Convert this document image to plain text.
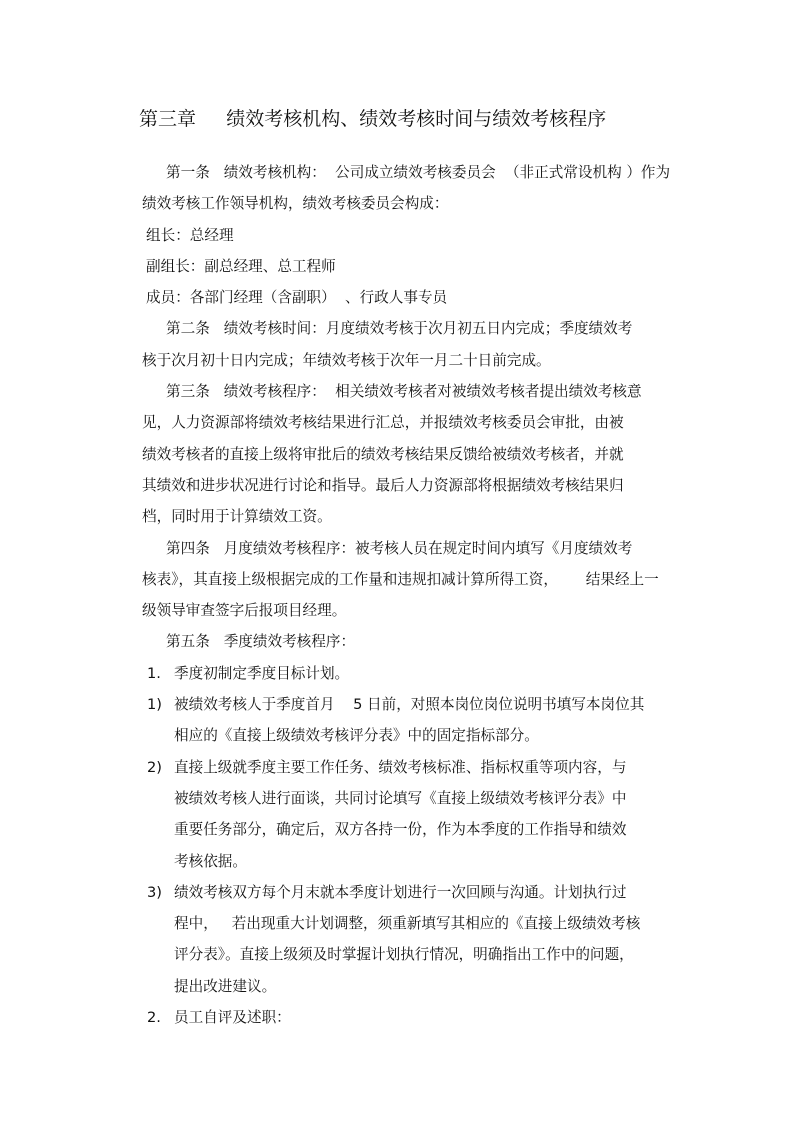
第三章     绩效考核机构、绩效考核时间与绩效考核程序
第一条   绩效考核机构：  公司成立绩效考核委员会  （非正式常设机构 ）作为
绩效考核工作领导机构，绩效考核委员会构成：
组长：总经理
副组长：副总经理、总工程师
成员：各部门经理（含副职）  、行政人事专员
第二条   绩效考核时间：月度绩效考核于次月初五日内完成；季度绩效考
核于次月初十日内完成；年绩效考核于次年一月二十日前完成。
第三条   绩效考核程序：  相关绩效考核者对被绩效考核者提出绩效考核意
见，人力资源部将绩效考核结果进行汇总，并报绩效考核委员会审批，由被
绩效考核者的直接上级将审批后的绩效考核结果反馈给被绩效考核者，并就
其绩效和进步状况进行讨论和指导。最后人力资源部将根据绩效考核结果归
档，同时用于计算绩效工资。
第四条   月度绩效考核程序：被考核人员在规定时间内填写《月度绩效考
核表》，其直接上级根据完成的工作量和违规扣减计算所得工资，      结果经上一
级领导审查签字后报项目经理。
第五条   季度绩效考核程序：
1. 季度初制定季度目标计划。
1) 被绩效考核人于季度首月    5 日前，对照本岗位岗位说明书填写本岗位其
相应的《直接上级绩效考核评分表》中的固定指标部分。
2) 直接上级就季度主要工作任务、绩效考核标准、指标权重等项内容，与
被绩效考核人进行面谈，共同讨论填写《直接上级绩效考核评分表》中
重要任务部分，确定后，双方各持一份，作为本季度的工作指导和绩效
考核依据。
3) 绩效考核双方每个月末就本季度计划进行一次回顾与沟通。计划执行过
程中，   若出现重大计划调整，须重新填写其相应的《直接上级绩效考核
评分表》。直接上级须及时掌握计划执行情况，明确指出工作中的问题，
提出改进建议。
2. 员工自评及述职：
